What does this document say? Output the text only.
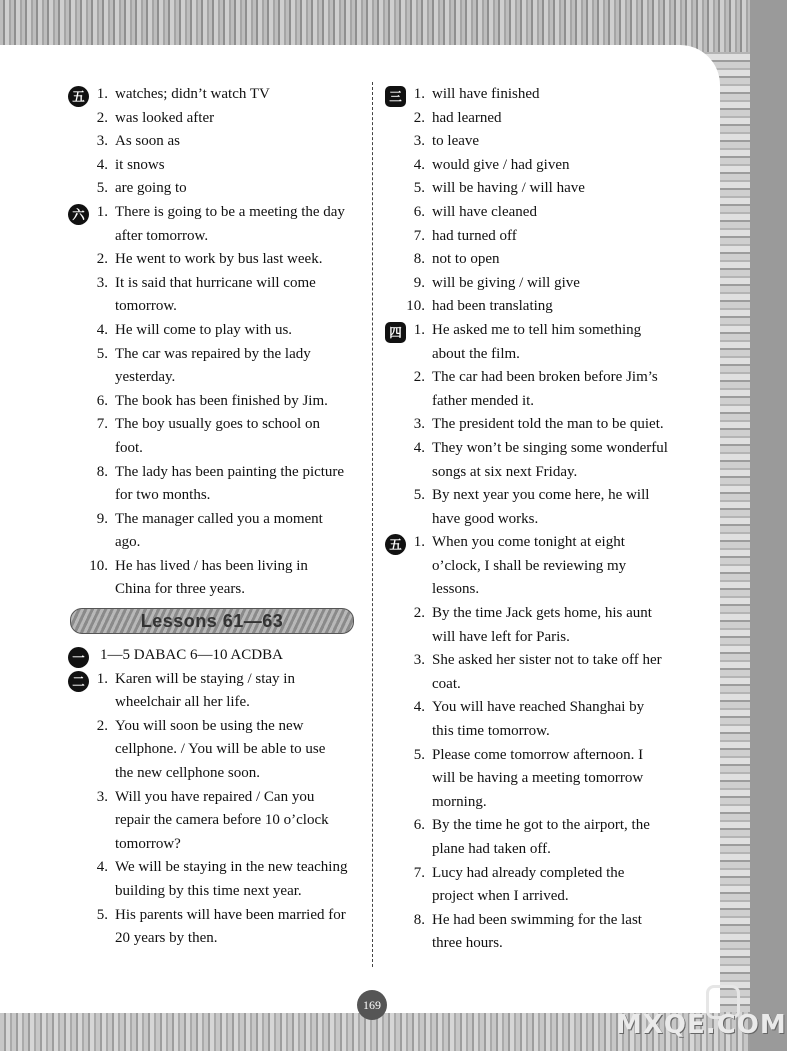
五 1. watches; didn’t watch TV
2. was looked after
3. As soon as
4. it snows
5. are going to
六 1. There is going to be a meeting the day
after tomorrow.
2. He went to work by bus last week.
3. It is said that hurricane will come
tomorrow.
4. He will come to play with us.
5. The car was repaired by the lady
yesterday.
6. The book has been finished by Jim.
7. The boy usually goes to school on
foot.
8. The lady has been painting the picture
for two months.
9. The manager called you a moment
ago.
10. He has lived / has been living in
China for three years.
Lessons 61—63
一 1—5 DABAC 6—10 ACDBA
二 1. Karen will be staying / stay in
wheelchair all her life.
2. You will soon be using the new
cellphone. / You will be able to use
the new cellphone soon.
3. Will you have repaired / Can you
repair the camera before 10 o’clock
tomorrow?
4. We will be staying in the new teaching
building by this time next year.
5. His parents will have been married for
20 years by then.
三 1. will have finished
2. had learned
3. to leave
4. would give / had given
5. will be having / will have
6. will have cleaned
7. had turned off
8. not to open
9. will be giving / will give
10. had been translating
四 1. He asked me to tell him something
about the film.
2. The car had been broken before Jim’s
father mended it.
3. The president told the man to be quiet.
4. They won’t be singing some wonderful
songs at six next Friday.
5. By next year you come here, he will
have good works.
五 1. When you come tonight at eight
o’clock, I shall be reviewing my
lessons.
2. By the time Jack gets home, his aunt
will have left for Paris.
3. She asked her sister not to take off her
coat.
4. You will have reached Shanghai by
this time tomorrow.
5. Please come tomorrow afternoon. I
will be having a meeting tomorrow
morning.
6. By the time he got to the airport, the
plane had taken off.
7. Lucy had already completed the
project when I arrived.
8. He had been swimming for the last
three hours.
169
MXQE.COM
